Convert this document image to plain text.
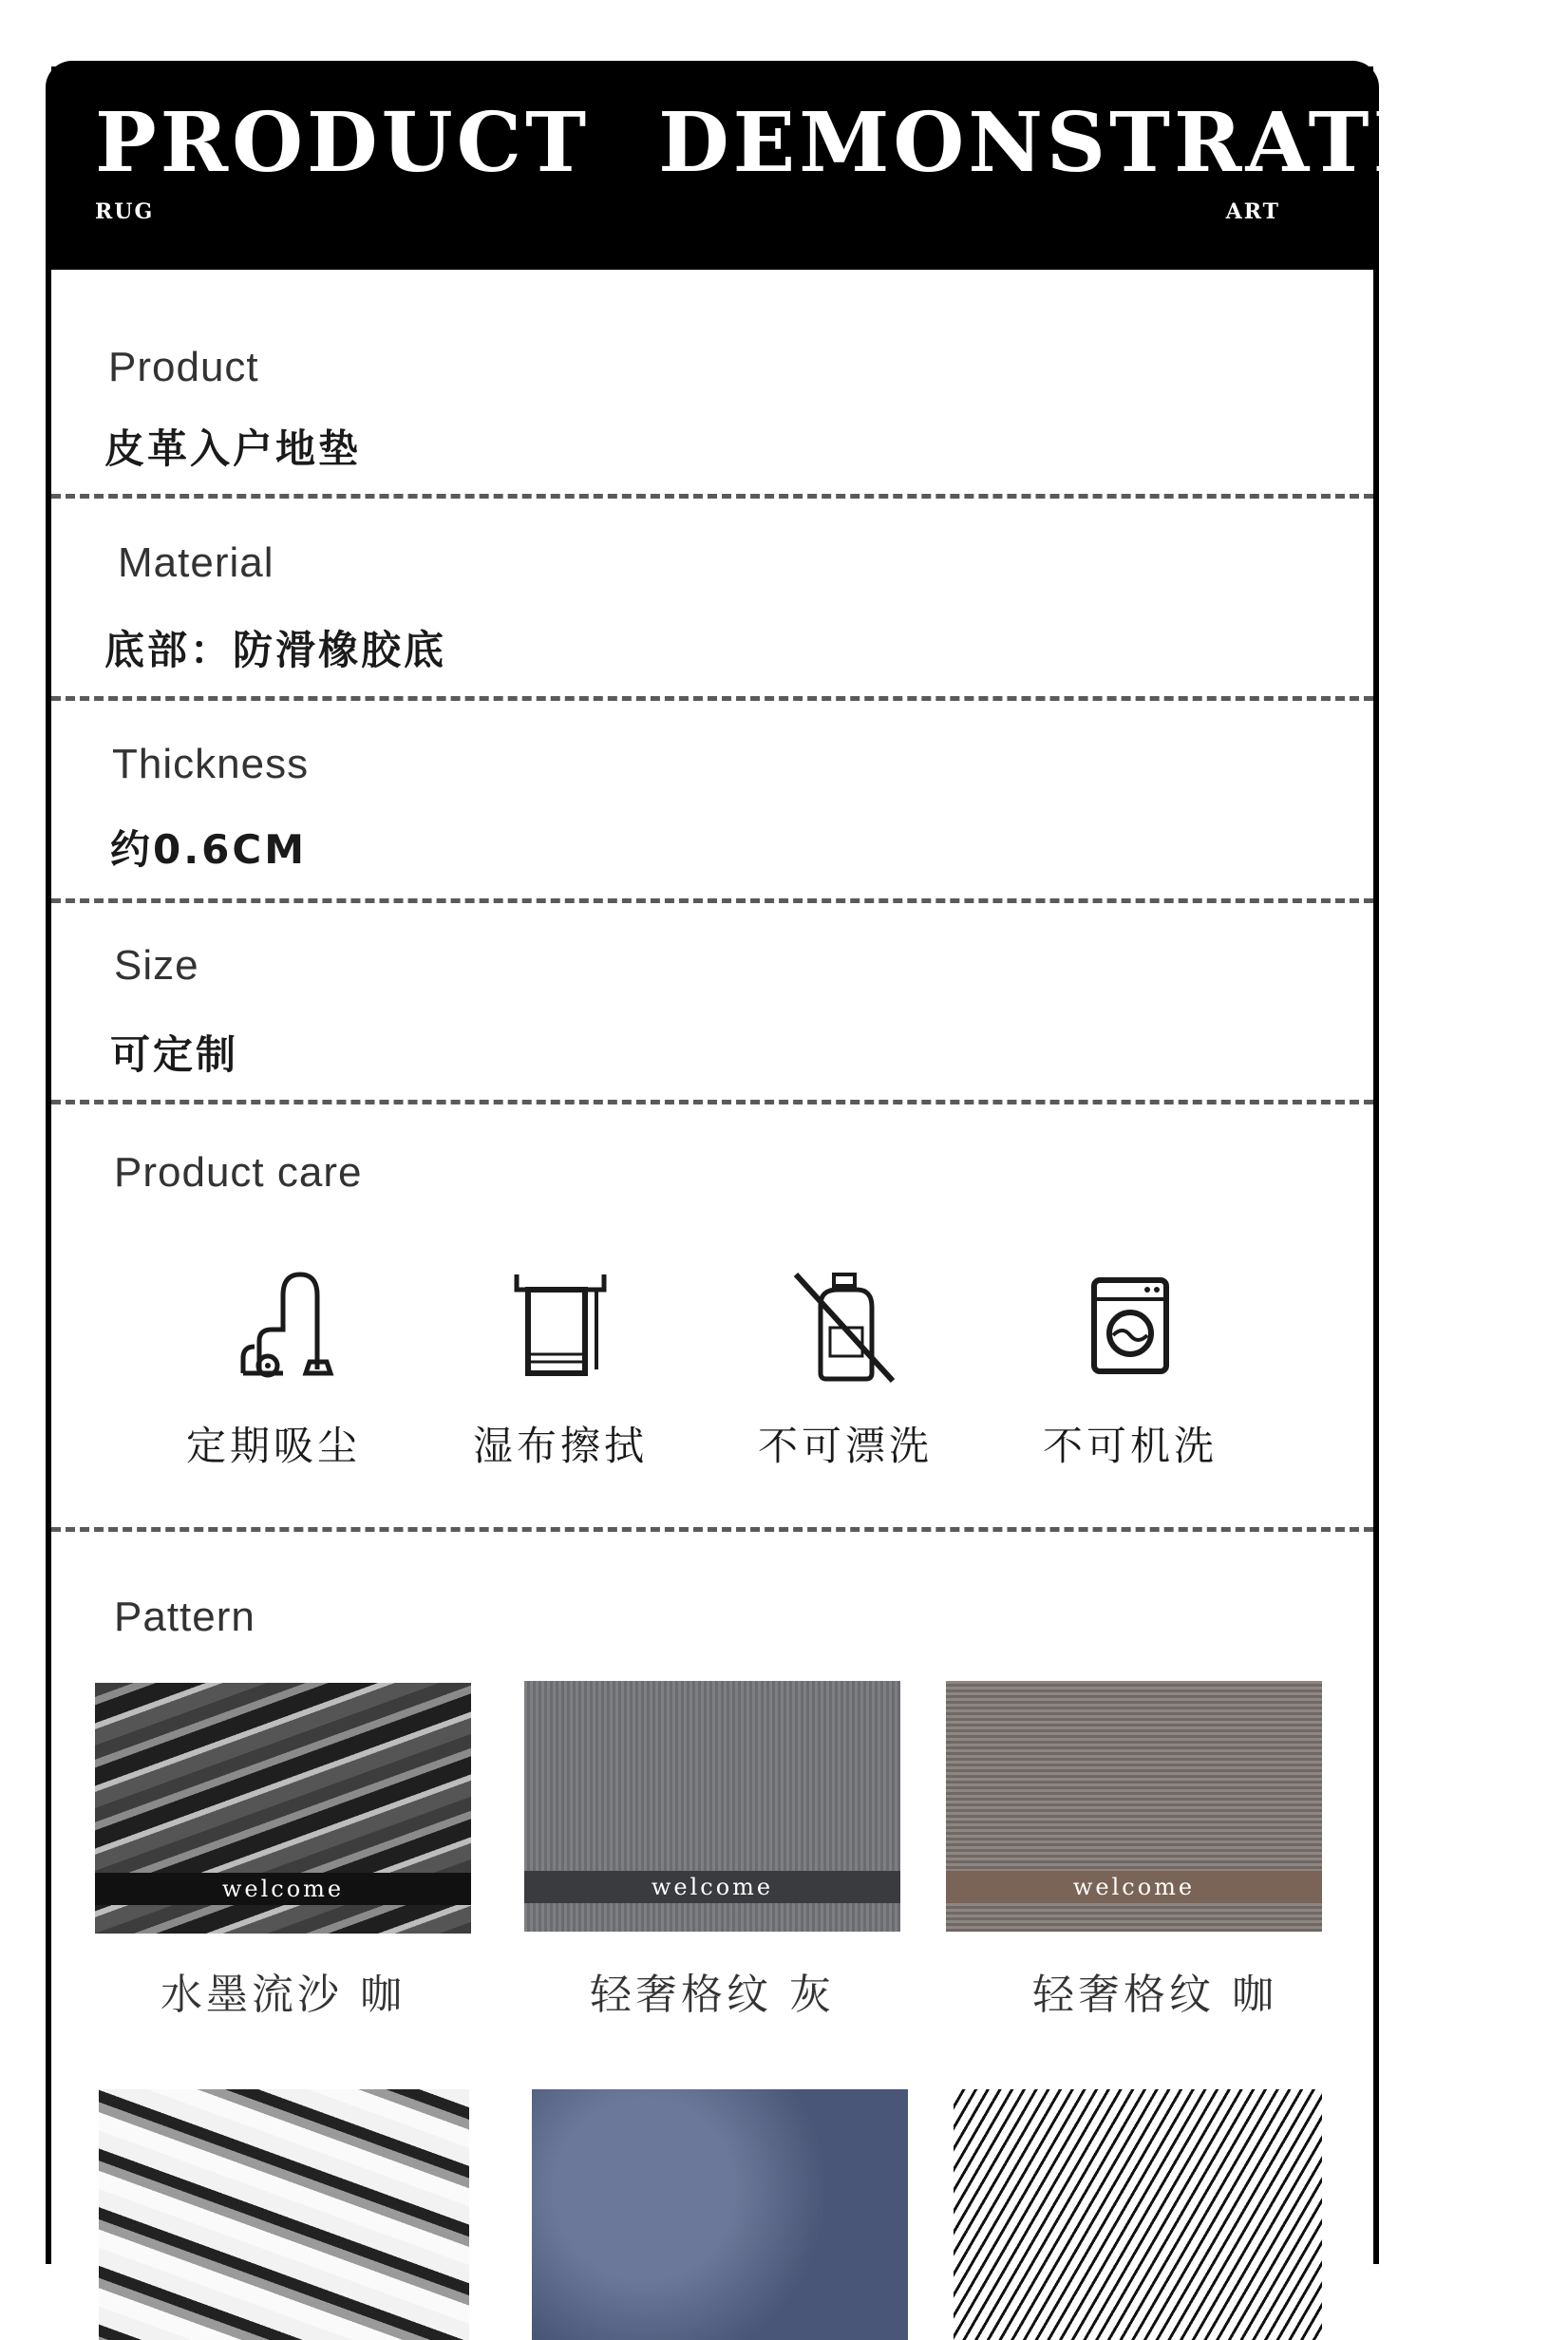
PRODUCT DEMONSTRATION
RUG	ART
Product
皮革入户地垫
Material
底部：防滑橡胶底
Thickness
约0.6CM
Size
可定制
Product care
定期吸尘	湿布擦拭	不可漂洗	不可机洗
Pattern
welcome
水墨流沙 咖
welcome
轻奢格纹 灰
welcome
轻奢格纹 咖
